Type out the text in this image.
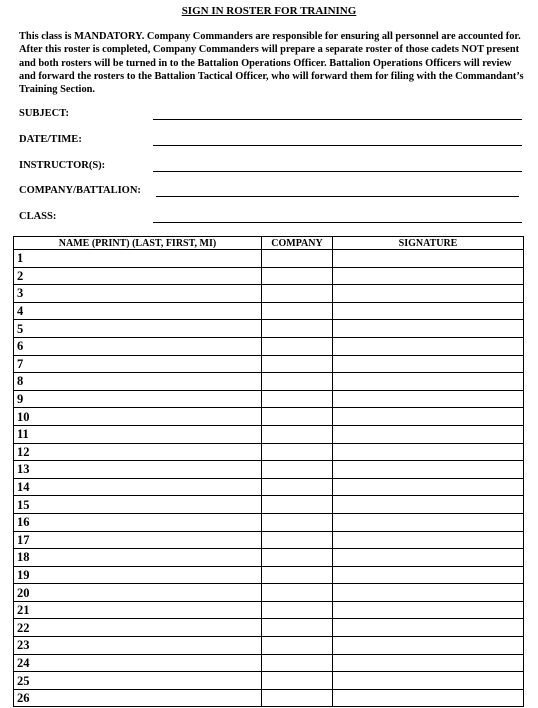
SIGN IN ROSTER FOR TRAINING
This class is MANDATORY. Company Commanders are responsible for ensuring all personnel are accounted for. After this roster is completed, Company Commanders will prepare a separate roster of those cadets NOT present and both rosters will be turned in to the Battalion Operations Officer. Battalion Operations Officers will review and forward the rosters to the Battalion Tactical Officer, who will forward them for filing with the Commandant’s Training Section.
SUBJECT:
DATE/TIME:
INSTRUCTOR(S):
COMPANY/BATTALION:
CLASS:
NAME (PRINT) (LAST, FIRST, MI)	COMPANY	SIGNATURE
1		
2		
3		
4		
5		
6		
7		
8		
9		
10		
11		
12		
13		
14		
15		
16		
17		
18		
19		
20		
21		
22		
23		
24		
25		
26		
